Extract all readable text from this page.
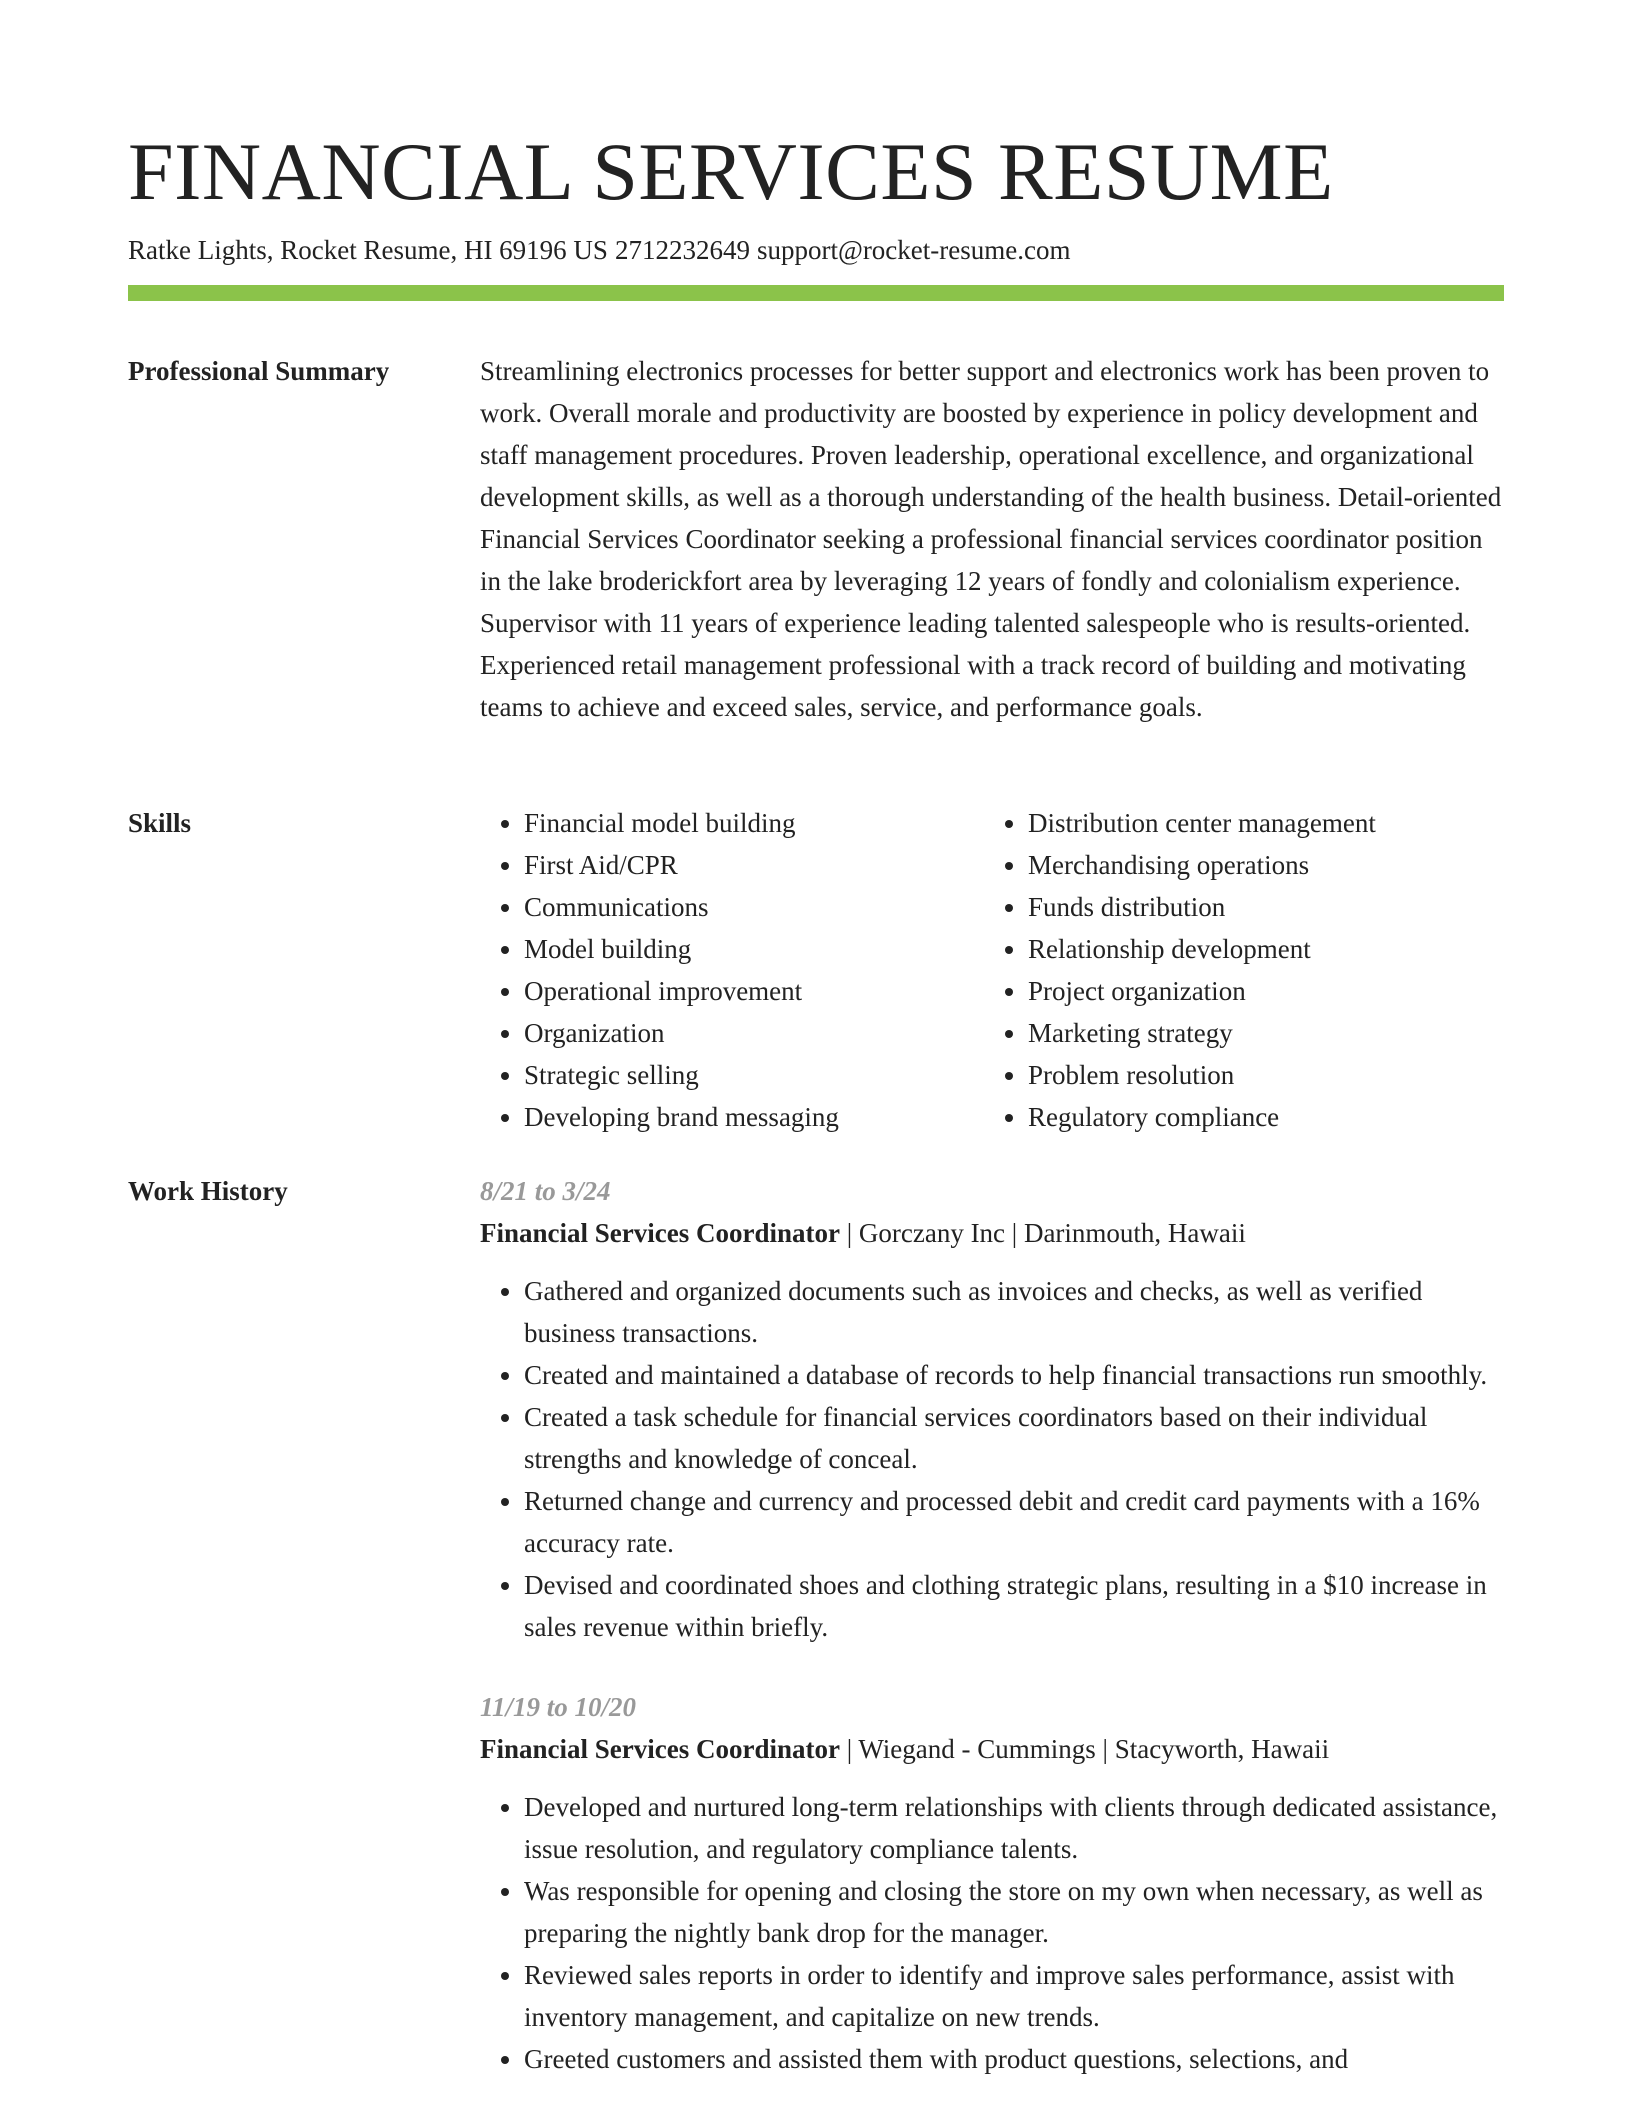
FINANCIAL SERVICES RESUME
Ratke Lights, Rocket Resume, HI 69196 US 2712232649 support@rocket-resume.com
Professional Summary	Streamlining electronics processes for better support and electronics work has been proven to work. Overall morale and productivity are boosted by experience in policy development and staff management procedures. Proven leadership, operational excellence, and organizational development skills, as well as a thorough understanding of the health business. Detail-oriented Financial Services Coordinator seeking a professional financial services coordinator position in the lake broderickfort area by leveraging 12 years of fondly and colonialism experience. Supervisor with 11 years of experience leading talented salespeople who is results-oriented. Experienced retail management professional with a track record of building and motivating teams to achieve and exceed sales, service, and performance goals.

Skills
•	Financial model building
• First Aid/CPR
• Communications
• Model building
• Operational improvement
• Organization
• Strategic selling
• Developing brand messaging
• Distribution center management
• Merchandising operations
• Funds distribution
• Relationship development
• Project organization
• Marketing strategy
• Problem resolution
• Regulatory compliance
Work History	8/21 to 3/24
Financial Services Coordinator | Gorczany Inc | Darinmouth, Hawaii
• Gathered and organized documents such as invoices and checks, as well as verified business transactions.
• Created and maintained a database of records to help financial transactions run smoothly.
• Created a task schedule for financial services coordinators based on their individual strengths and knowledge of conceal.
• Returned change and currency and processed debit and credit card payments with a 16% accuracy rate.
• Devised and coordinated shoes and clothing strategic plans, resulting in a $10 increase in sales revenue within briefly.
11/19 to 10/20
Financial Services Coordinator | Wiegand - Cummings | Stacyworth, Hawaii
• Developed and nurtured long-term relationships with clients through dedicated assistance, issue resolution, and regulatory compliance talents.
• Was responsible for opening and closing the store on my own when necessary, as well as preparing the nightly bank drop for the manager.
• Reviewed sales reports in order to identify and improve sales performance, assist with inventory management, and capitalize on new trends.
• Greeted customers and assisted them with product questions, selections, and
